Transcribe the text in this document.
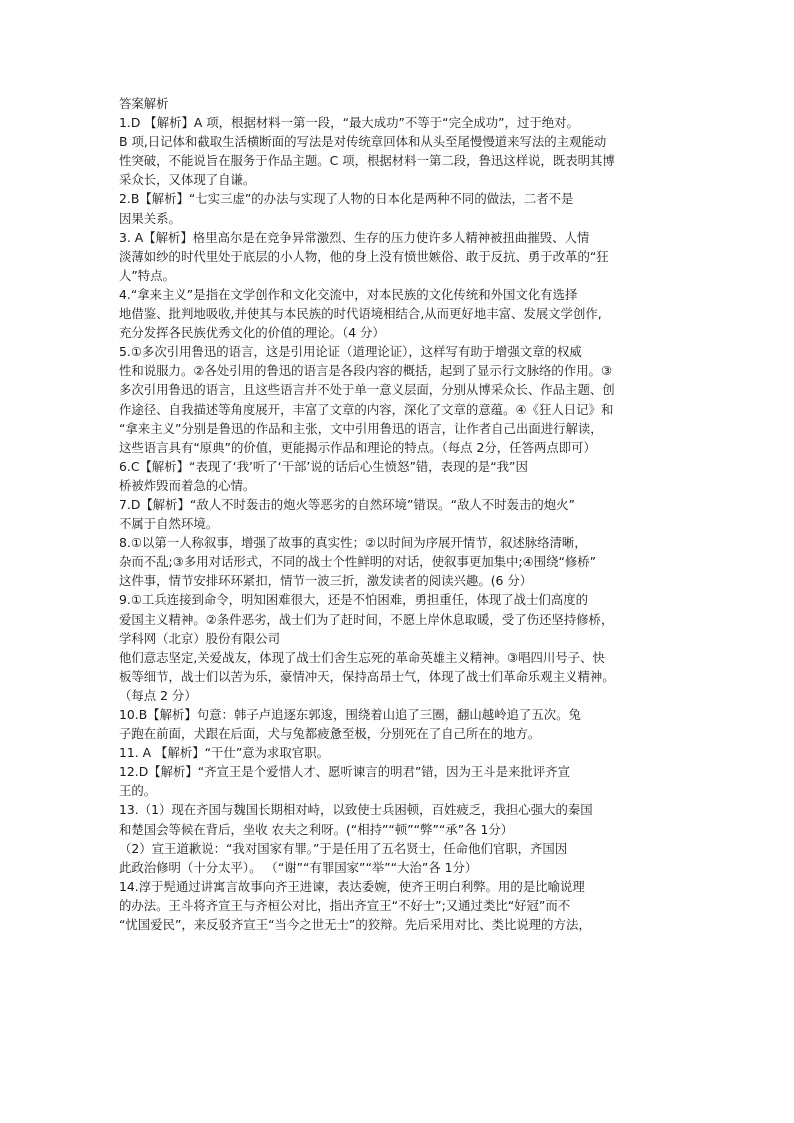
答案解析
1.D 【解析】A 项，根据材料一第一段，“最大成功”不等于“完全成功”，过于绝对。
B 项,日记体和截取生活横断面的写法是对传统章回体和从头至尾慢慢道来写法的主观能动
性突破，不能说旨在服务于作品主题。C 项，根据材料一第二段，鲁迅这样说，既表明其博
采众长，又体现了自谦。
2.B【解析】“七实三虚”的办法与实现了人物的日本化是两种不同的做法，二者不是
因果关系。
3. A【解析】格里高尔是在竞争异常激烈、生存的压力使许多人精神被扭曲摧毁、人情
淡薄如纱的时代里处于底层的小人物，他的身上没有愤世嫉俗、敢于反抗、勇于改革的“狂
人”特点。
4.“拿来主义”是指在文学创作和文化交流中，对本民族的文化传统和外国文化有选择
地借鉴、批判地吸收,并使其与本民族的时代语境相结合,从而更好地丰富、发展文学创作,
充分发挥各民族优秀文化的价值的理论。（4 分）
5.①多次引用鲁迅的语言，这是引用论证（道理论证），这样写有助于增强文章的权威
性和说服力。②各处引用的鲁迅的语言是各段内容的概括，起到了显示行文脉络的作用。③
多次引用鲁迅的语言，且这些语言并不处于单一意义层面，分别从博采众长、作品主题、创
作途径、自我描述等角度展开，丰富了文章的内容，深化了文章的意蕴。④《狂人日记》和
“拿来主义”分别是鲁迅的作品和主张，文中引用鲁迅的语言，让作者自己出面进行解读，
这些语言具有“原典”的价值，更能揭示作品和理论的特点。（每点 2分，任答两点即可）
6.C【解析】“表现了‘我’听了‘干部’说的话后心生愤怒”错，表现的是“我”因
桥被炸毁而着急的心情。
7.D【解析】“敌人不时轰击的炮火等恶劣的自然环境”错误。“敌人不时轰击的炮火”
不属于自然环境。
8.①以第一人称叙事，增强了故事的真实性；②以时间为序展开情节，叙述脉络清晰，
杂而不乱;③多用对话形式，不同的战士个性鲜明的对话，使叙事更加集中;④围绕“修桥”
这件事，情节安排环环紧扣，情节一波三折，激发读者的阅读兴趣。(6 分）
9.①工兵连接到命令，明知困难很大，还是不怕困难，勇担重任，体现了战士们高度的
爱国主义精神。②条件恶劣，战士们为了赶时间，不愿上岸休息取暖，受了伤还坚持修桥，
学科网（北京）股份有限公司
他们意志坚定,关爱战友，体现了战士们舍生忘死的革命英雄主义精神。③唱四川号子、快
板等细节，战士们以苦为乐，豪情冲天，保持高昂士气，体现了战士们革命乐观主义精神。
（每点 2 分）
10.B【解析】句意：韩子卢追逐东郭逡，围绕着山追了三圈，翻山越岭追了五次。兔
子跑在前面，犬跟在后面，犬与兔都疲惫至极，分别死在了自己所在的地方。
11. A 【解析】“干仕”意为求取官职。
12.D【解析】“齐宣王是个爱惜人才、愿听谏言的明君”错，因为王斗是来批评齐宣
王的。
13.（1）现在齐国与魏国长期相对峙，以致使士兵困顿，百姓疲乏，我担心强大的秦国
和楚国会等候在背后，坐收 农夫之利呀。(“相持”“顿”“弊”“承”各 1分）
（2）宣王道歉说：“我对国家有罪。”于是任用了五名贤士，任命他们官职，齐国因
此政治修明（十分太平）。 （“谢”“有罪国家”“举”“大治”各 1分）
14.淳于髡通过讲寓言故事向齐王进谏，表达委婉，使齐王明白利弊。用的是比喻说理
的办法。王斗将齐宣王与齐桓公对比，指出齐宣王“不好士”;又通过类比“好冠”而不
“忧国爱民”，来反驳齐宣王“当今之世无士”的狡辩。先后采用对比、类比说理的方法，
